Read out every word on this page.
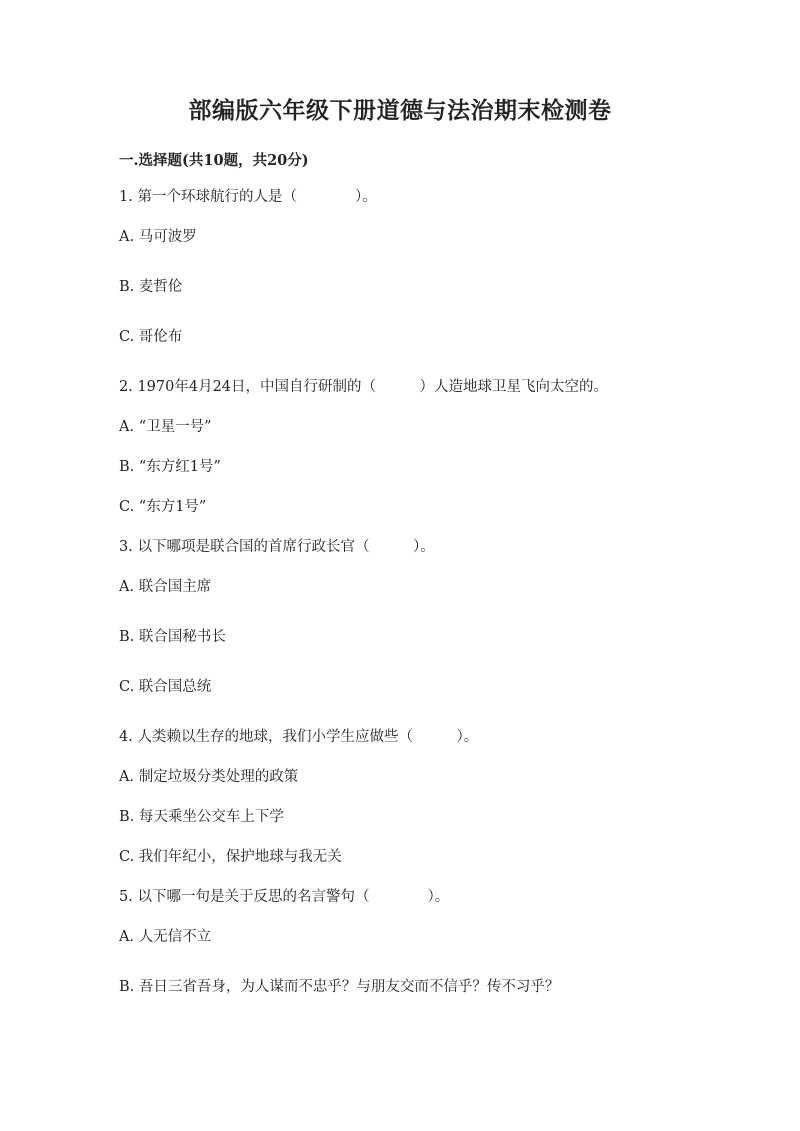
部编版六年级下册道德与法治期末检测卷
一.选择题(共10题，共20分)
1. 第一个环球航行的人是（　　　　）。
A. 马可波罗
B. 麦哲伦
C. 哥伦布
2. 1970年4月24日，中国自行研制的（　　　）人造地球卫星飞向太空的。
A. “卫星一号”
B. “东方红1号”
C. “东方1号”
3. 以下哪项是联合国的首席行政长官（　　　）。
A. 联合国主席
B. 联合国秘书长
C. 联合国总统
4. 人类赖以生存的地球，我们小学生应做些（　　　）。
A. 制定垃圾分类处理的政策
B. 每天乘坐公交车上下学
C. 我们年纪小，保护地球与我无关
5. 以下哪一句是关于反思的名言警句（　　　　）。
A. 人无信不立
B. 吾日三省吾身，为人谋而不忠乎？与朋友交而不信乎？传不习乎？
